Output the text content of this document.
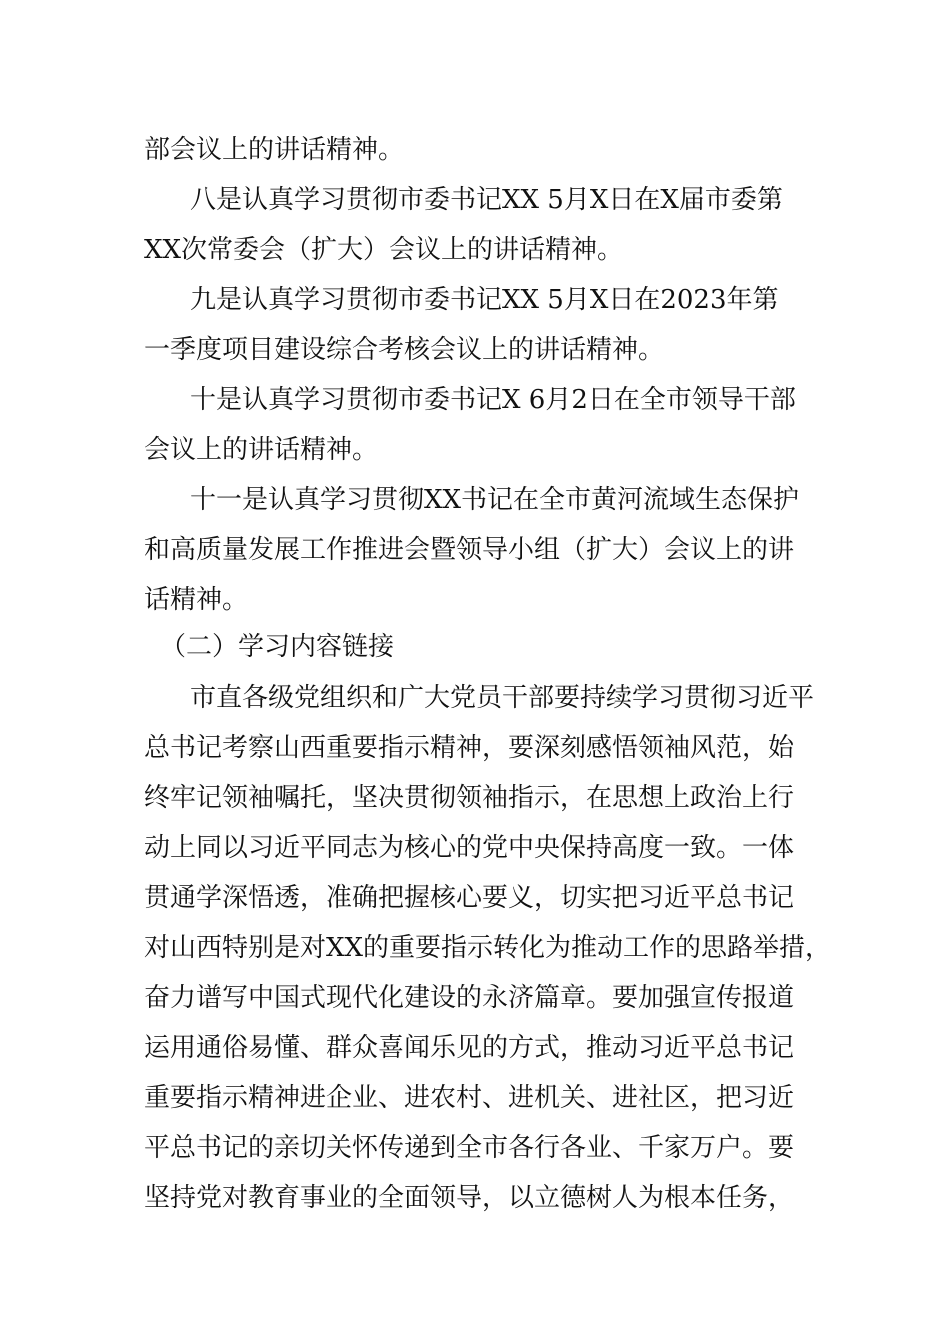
部会议上的讲话精神。
八是认真学习贯彻市委书记XX 5月X日在X届市委第
XX次常委会（扩大）会议上的讲话精神。
九是认真学习贯彻市委书记XX 5月X日在2023年第
一季度项目建设综合考核会议上的讲话精神。
十是认真学习贯彻市委书记X 6月2日在全市领导干部
会议上的讲话精神。
十一是认真学习贯彻XX书记在全市黄河流域生态保护
和高质量发展工作推进会暨领导小组（扩大）会议上的讲
话精神。
（二）学习内容链接
市直各级党组织和广大党员干部要持续学习贯彻习近平
总书记考察山西重要指示精神，要深刻感悟领袖风范，始
终牢记领袖嘱托，坚决贯彻领袖指示，在思想上政治上行
动上同以习近平同志为核心的党中央保持高度一致。一体
贯通学深悟透，准确把握核心要义，切实把习近平总书记
对山西特别是对XX的重要指示转化为推动工作的思路举措，
奋力谱写中国式现代化建设的永济篇章。要加强宣传报道
运用通俗易懂、群众喜闻乐见的方式，推动习近平总书记
重要指示精神进企业、进农村、进机关、进社区，把习近
平总书记的亲切关怀传递到全市各行各业、千家万户。要
坚持党对教育事业的全面领导，以立德树人为根本任务，
